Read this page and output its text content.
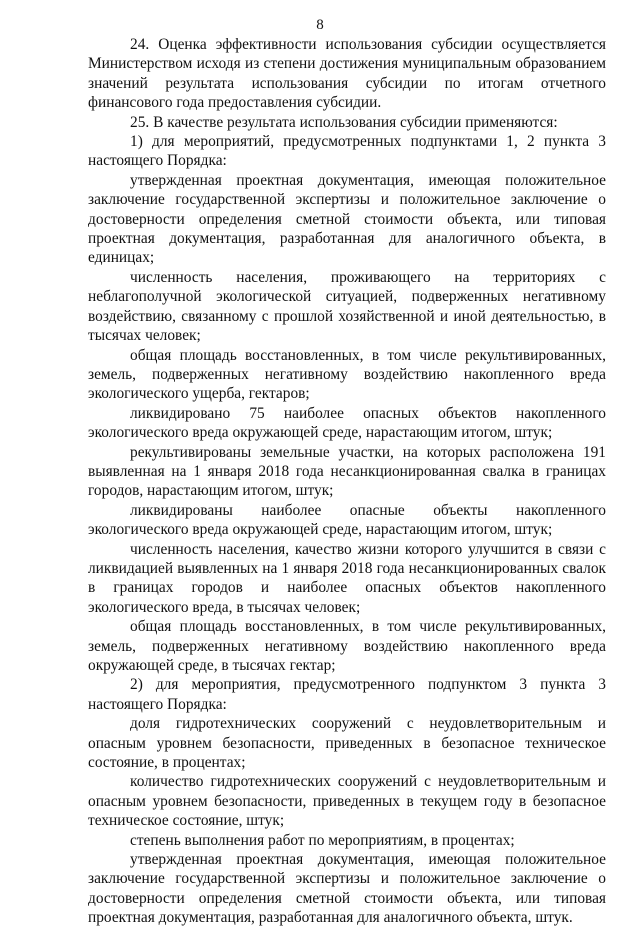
8

24. Оценка эффективности использования субсидии осуществляется Министерством исходя из степени достижения муниципальным образованием значений результата использования субсидии по итогам отчетного финансового года предоставления субсидии.

25. В качестве результата использования субсидии применяются:

1) для мероприятий, предусмотренных подпунктами 1, 2 пункта 3 настоящего Порядка:

утвержденная проектная документация, имеющая положительное заключение государственной экспертизы и положительное заключение о достоверности определения сметной стоимости объекта, или типовая проектная документация, разработанная для аналогичного объекта, в единицах;

численность населения, проживающего на территориях с неблагополучной экологической ситуацией, подверженных негативному воздействию, связанному с прошлой хозяйственной и иной деятельностью, в тысячах человек;

общая площадь восстановленных, в том числе рекультивированных, земель, подверженных негативному воздействию накопленного вреда экологического ущерба, гектаров;

ликвидировано 75 наиболее опасных объектов накопленного экологического вреда окружающей среде, нарастающим итогом, штук;

рекультивированы земельные участки, на которых расположена 191 выявленная на 1 января 2018 года несанкционированная свалка в границах городов, нарастающим итогом, штук;

ликвидированы наиболее опасные объекты накопленного экологического вреда окружающей среде, нарастающим итогом, штук;

численность населения, качество жизни которого улучшится в связи с ликвидацией выявленных на 1 января 2018 года несанкционированных свалок в границах городов и наиболее опасных объектов накопленного экологического вреда, в тысячах человек;

общая площадь восстановленных, в том числе рекультивированных, земель, подверженных негативному воздействию накопленного вреда окружающей среде, в тысячах гектар;

2) для мероприятия, предусмотренного подпунктом 3 пункта 3 настоящего Порядка:

доля гидротехнических сооружений с неудовлетворительным и опасным уровнем безопасности, приведенных в безопасное техническое состояние, в процентах;

количество гидротехнических сооружений с неудовлетворительным и опасным уровнем безопасности, приведенных в текущем году в безопасное техническое состояние, штук;

степень выполнения работ по мероприятиям, в процентах;

утвержденная проектная документация, имеющая положительное заключение государственной экспертизы и положительное заключение о достоверности определения сметной стоимости объекта, или типовая проектная документация, разработанная для аналогичного объекта, штук.
